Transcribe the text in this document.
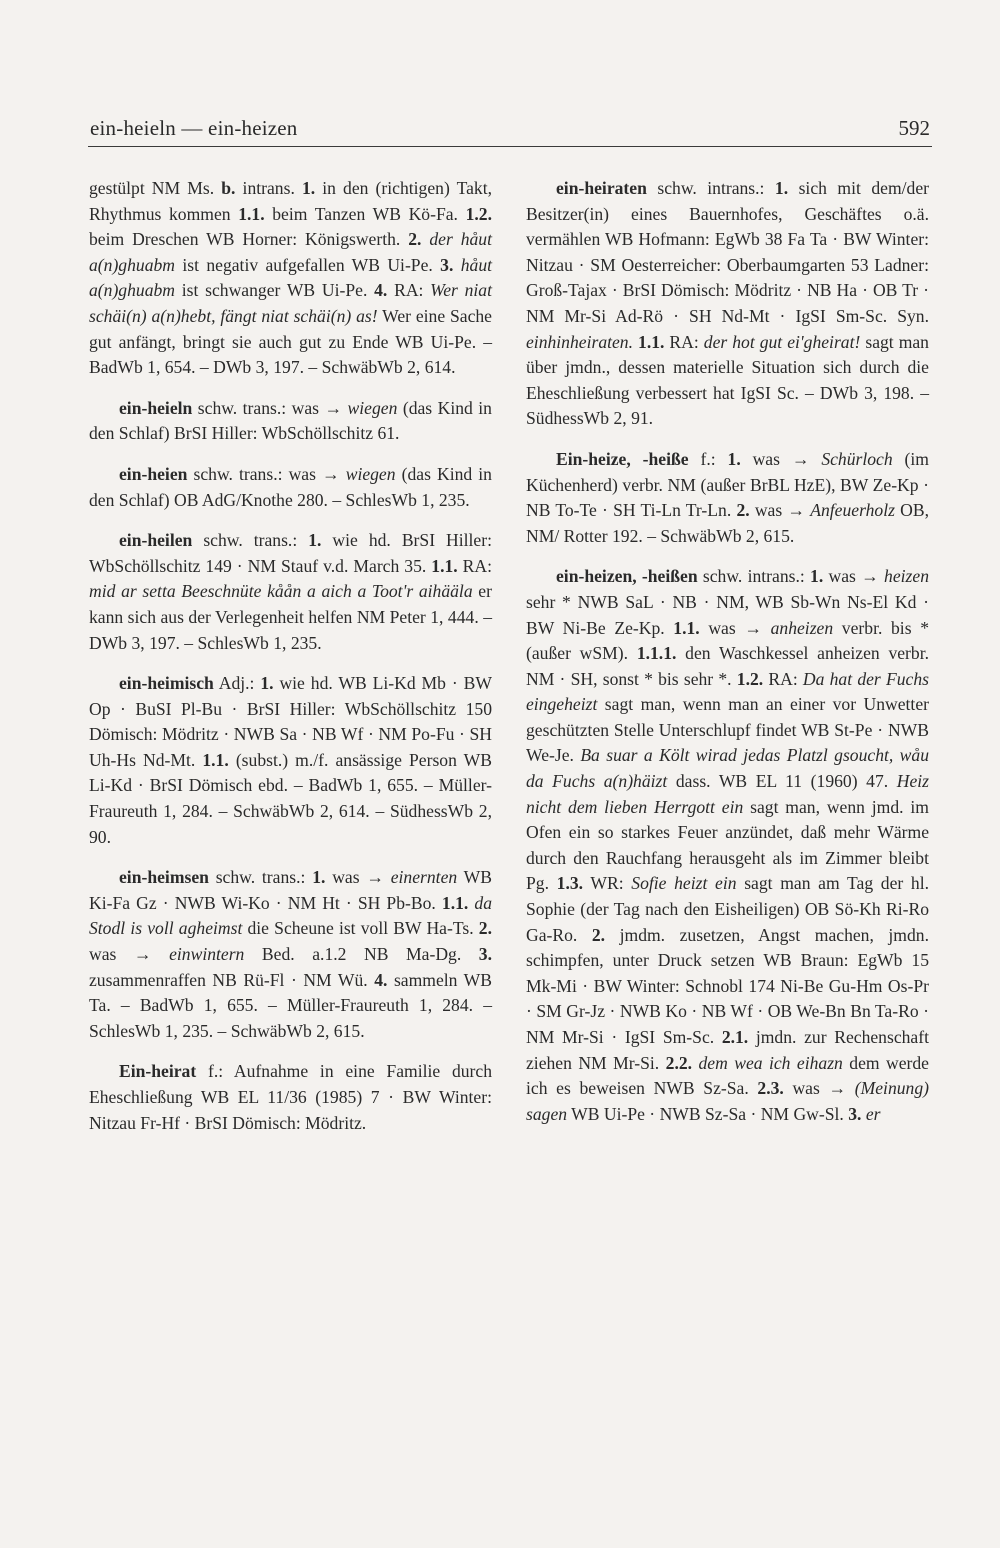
ein-heieln — ein-heizen	592

gestülpt NM Ms. b. intrans. 1. in den (richtigen) Takt, Rhythmus kommen 1.1. beim Tanzen WB Kö-Fa. 1.2. beim Dreschen WB Horner: Königswerth. 2. der håut a(n)ghuabm ist negativ aufgefallen WB Ui-Pe. 3. håut a(n)ghuabm ist schwanger WB Ui-Pe. 4. RA: Wer niat schäi(n) a(n)hebt, fängt niat schäi(n) as! Wer eine Sache gut anfängt, bringt sie auch gut zu Ende WB Ui-Pe. – BadWb 1, 654. – DWb 3, 197. – SchwäbWb 2, 614.

ein-heieln schw. trans.: was → wiegen (das Kind in den Schlaf) BrSI Hiller: WbSchöllschitz 61.

ein-heien schw. trans.: was → wiegen (das Kind in den Schlaf) OB AdG/Knothe 280. – SchlesWb 1, 235.

ein-heilen schw. trans.: 1. wie hd. BrSI Hiller: WbSchöllschitz 149 · NM Stauf v.d. March 35. 1.1. RA: mid ar setta Beeschnüte kåån a aich a Toot'r aihääla er kann sich aus der Verlegenheit helfen NM Peter 1, 444. – DWb 3, 197. – SchlesWb 1, 235.

ein-heimisch Adj.: 1. wie hd. WB Li-Kd Mb · BW Op · BuSI Pl-Bu · BrSI Hiller: WbSchöllschitz 150 Dömisch: Mödritz · NWB Sa · NB Wf · NM Po-Fu · SH Uh-Hs Nd-Mt. 1.1. (subst.) m./f. ansässige Person WB Li-Kd · BrSI Dömisch ebd. – BadWb 1, 655. – Müller-Fraureuth 1, 284. – SchwäbWb 2, 614. – SüdhessWb 2, 90.

ein-heimsen schw. trans.: 1. was → einernten WB Ki-Fa Gz · NWB Wi-Ko · NM Ht · SH Pb-Bo. 1.1. da Stodl is voll agheimst die Scheune ist voll BW Ha-Ts. 2. was → einwintern Bed. a.1.2 NB Ma-Dg. 3. zusammenraffen NB Rü-Fl · NM Wü. 4. sammeln WB Ta. – BadWb 1, 655. – Müller-Fraureuth 1, 284. – SchlesWb 1, 235. – SchwäbWb 2, 615.

Ein-heirat f.: Aufnahme in eine Familie durch Eheschließung WB EL 11/36 (1985) 7 · BW Winter: Nitzau Fr-Hf · BrSI Dömisch: Mödritz.

ein-heiraten schw. intrans.: 1. sich mit dem/der Besitzer(in) eines Bauernhofes, Geschäftes o.ä. vermählen WB Hofmann: EgWb 38 Fa Ta · BW Winter: Nitzau · SM Oesterreicher: Oberbaumgarten 53 Ladner: Groß-Tajax · BrSI Dömisch: Mödritz · NB Ha · OB Tr · NM Mr-Si Ad-Rö · SH Nd-Mt · IgSI Sm-Sc. Syn. einhinheiraten. 1.1. RA: der hot gut ei'gheirat! sagt man über jmdn., dessen materielle Situation sich durch die Eheschließung verbessert hat IgSI Sc. – DWb 3, 198. – SüdhessWb 2, 91.

Ein-heize, -heiße f.: 1. was → Schürloch (im Küchenherd) verbr. NM (außer BrBL HzE), BW Ze-Kp · NB To-Te · SH Ti-Ln Tr-Ln. 2. was → Anfeuerholz OB, NM/ Rotter 192. – SchwäbWb 2, 615.

ein-heizen, -heißen schw. intrans.: 1. was → heizen sehr * NWB SaL · NB · NM, WB Sb-Wn Ns-El Kd · BW Ni-Be Ze-Kp. 1.1. was → anheizen verbr. bis * (außer wSM). 1.1.1. den Waschkessel anheizen verbr. NM · SH, sonst * bis sehr *. 1.2. RA: Da hat der Fuchs eingeheizt sagt man, wenn man an einer vor Unwetter geschützten Stelle Unterschlupf findet WB St-Pe · NWB We-Je. Ba suar a Költ wirad jedas Platzl gsoucht, wåu da Fuchs a(n)häizt dass. WB EL 11 (1960) 47. Heiz nicht dem lieben Herrgott ein sagt man, wenn jmd. im Ofen ein so starkes Feuer anzündet, daß mehr Wärme durch den Rauchfang herausgeht als im Zimmer bleibt Pg. 1.3. WR: Sofie heizt ein sagt man am Tag der hl. Sophie (der Tag nach den Eisheiligen) OB Sö-Kh Ri-Ro Ga-Ro. 2. jmdm. zusetzen, Angst machen, jmdn. schimpfen, unter Druck setzen WB Braun: EgWb 15 Mk-Mi · BW Winter: Schnobl 174 Ni-Be Gu-Hm Os-Pr · SM Gr-Jz · NWB Ko · NB Wf · OB We-Bn Bn Ta-Ro · NM Mr-Si · IgSI Sm-Sc. 2.1. jmdn. zur Rechenschaft ziehen NM Mr-Si. 2.2. dem wea ich eihazn dem werde ich es beweisen NWB Sz-Sa. 2.3. was → (Meinung) sagen WB Ui-Pe · NWB Sz-Sa · NM Gw-Sl. 3. er
